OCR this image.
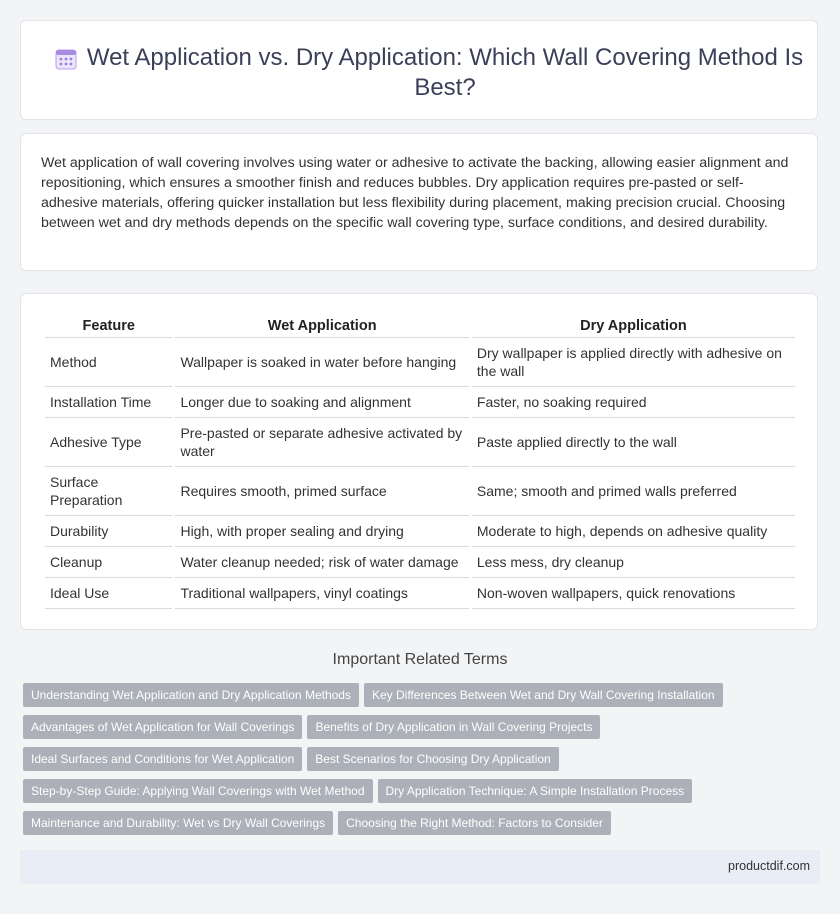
Wet Application vs. Dry Application: Which Wall Covering Method Is Best?

Wet application of wall covering involves using water or adhesive to activate the backing, allowing easier alignment and repositioning, which ensures a smoother finish and reduces bubbles. Dry application requires pre-pasted or self-adhesive materials, offering quicker installation but less flexibility during placement, making precision crucial. Choosing between wet and dry methods depends on the specific wall covering type, surface conditions, and desired durability.

Feature	Wet Application	Dry Application
Method	Wallpaper is soaked in water before hanging	Dry wallpaper is applied directly with adhesive on the wall
Installation Time	Longer due to soaking and alignment	Faster, no soaking required
Adhesive Type	Pre-pasted or separate adhesive activated by water	Paste applied directly to the wall
Surface Preparation	Requires smooth, primed surface	Same; smooth and primed walls preferred
Durability	High, with proper sealing and drying	Moderate to high, depends on adhesive quality
Cleanup	Water cleanup needed; risk of water damage	Less mess, dry cleanup
Ideal Use	Traditional wallpapers, vinyl coatings	Non-woven wallpapers, quick renovations
Important Related Terms
Understanding Wet Application and Dry Application Methods Key Differences Between Wet and Dry Wall Covering Installation
Advantages of Wet Application for Wall Coverings Benefits of Dry Application in Wall Covering Projects
Ideal Surfaces and Conditions for Wet Application Best Scenarios for Choosing Dry Application
Step-by-Step Guide: Applying Wall Coverings with Wet Method Dry Application Technique: A Simple Installation Process
Maintenance and Durability: Wet vs Dry Wall Coverings Choosing the Right Method: Factors to Consider
productdif.com
